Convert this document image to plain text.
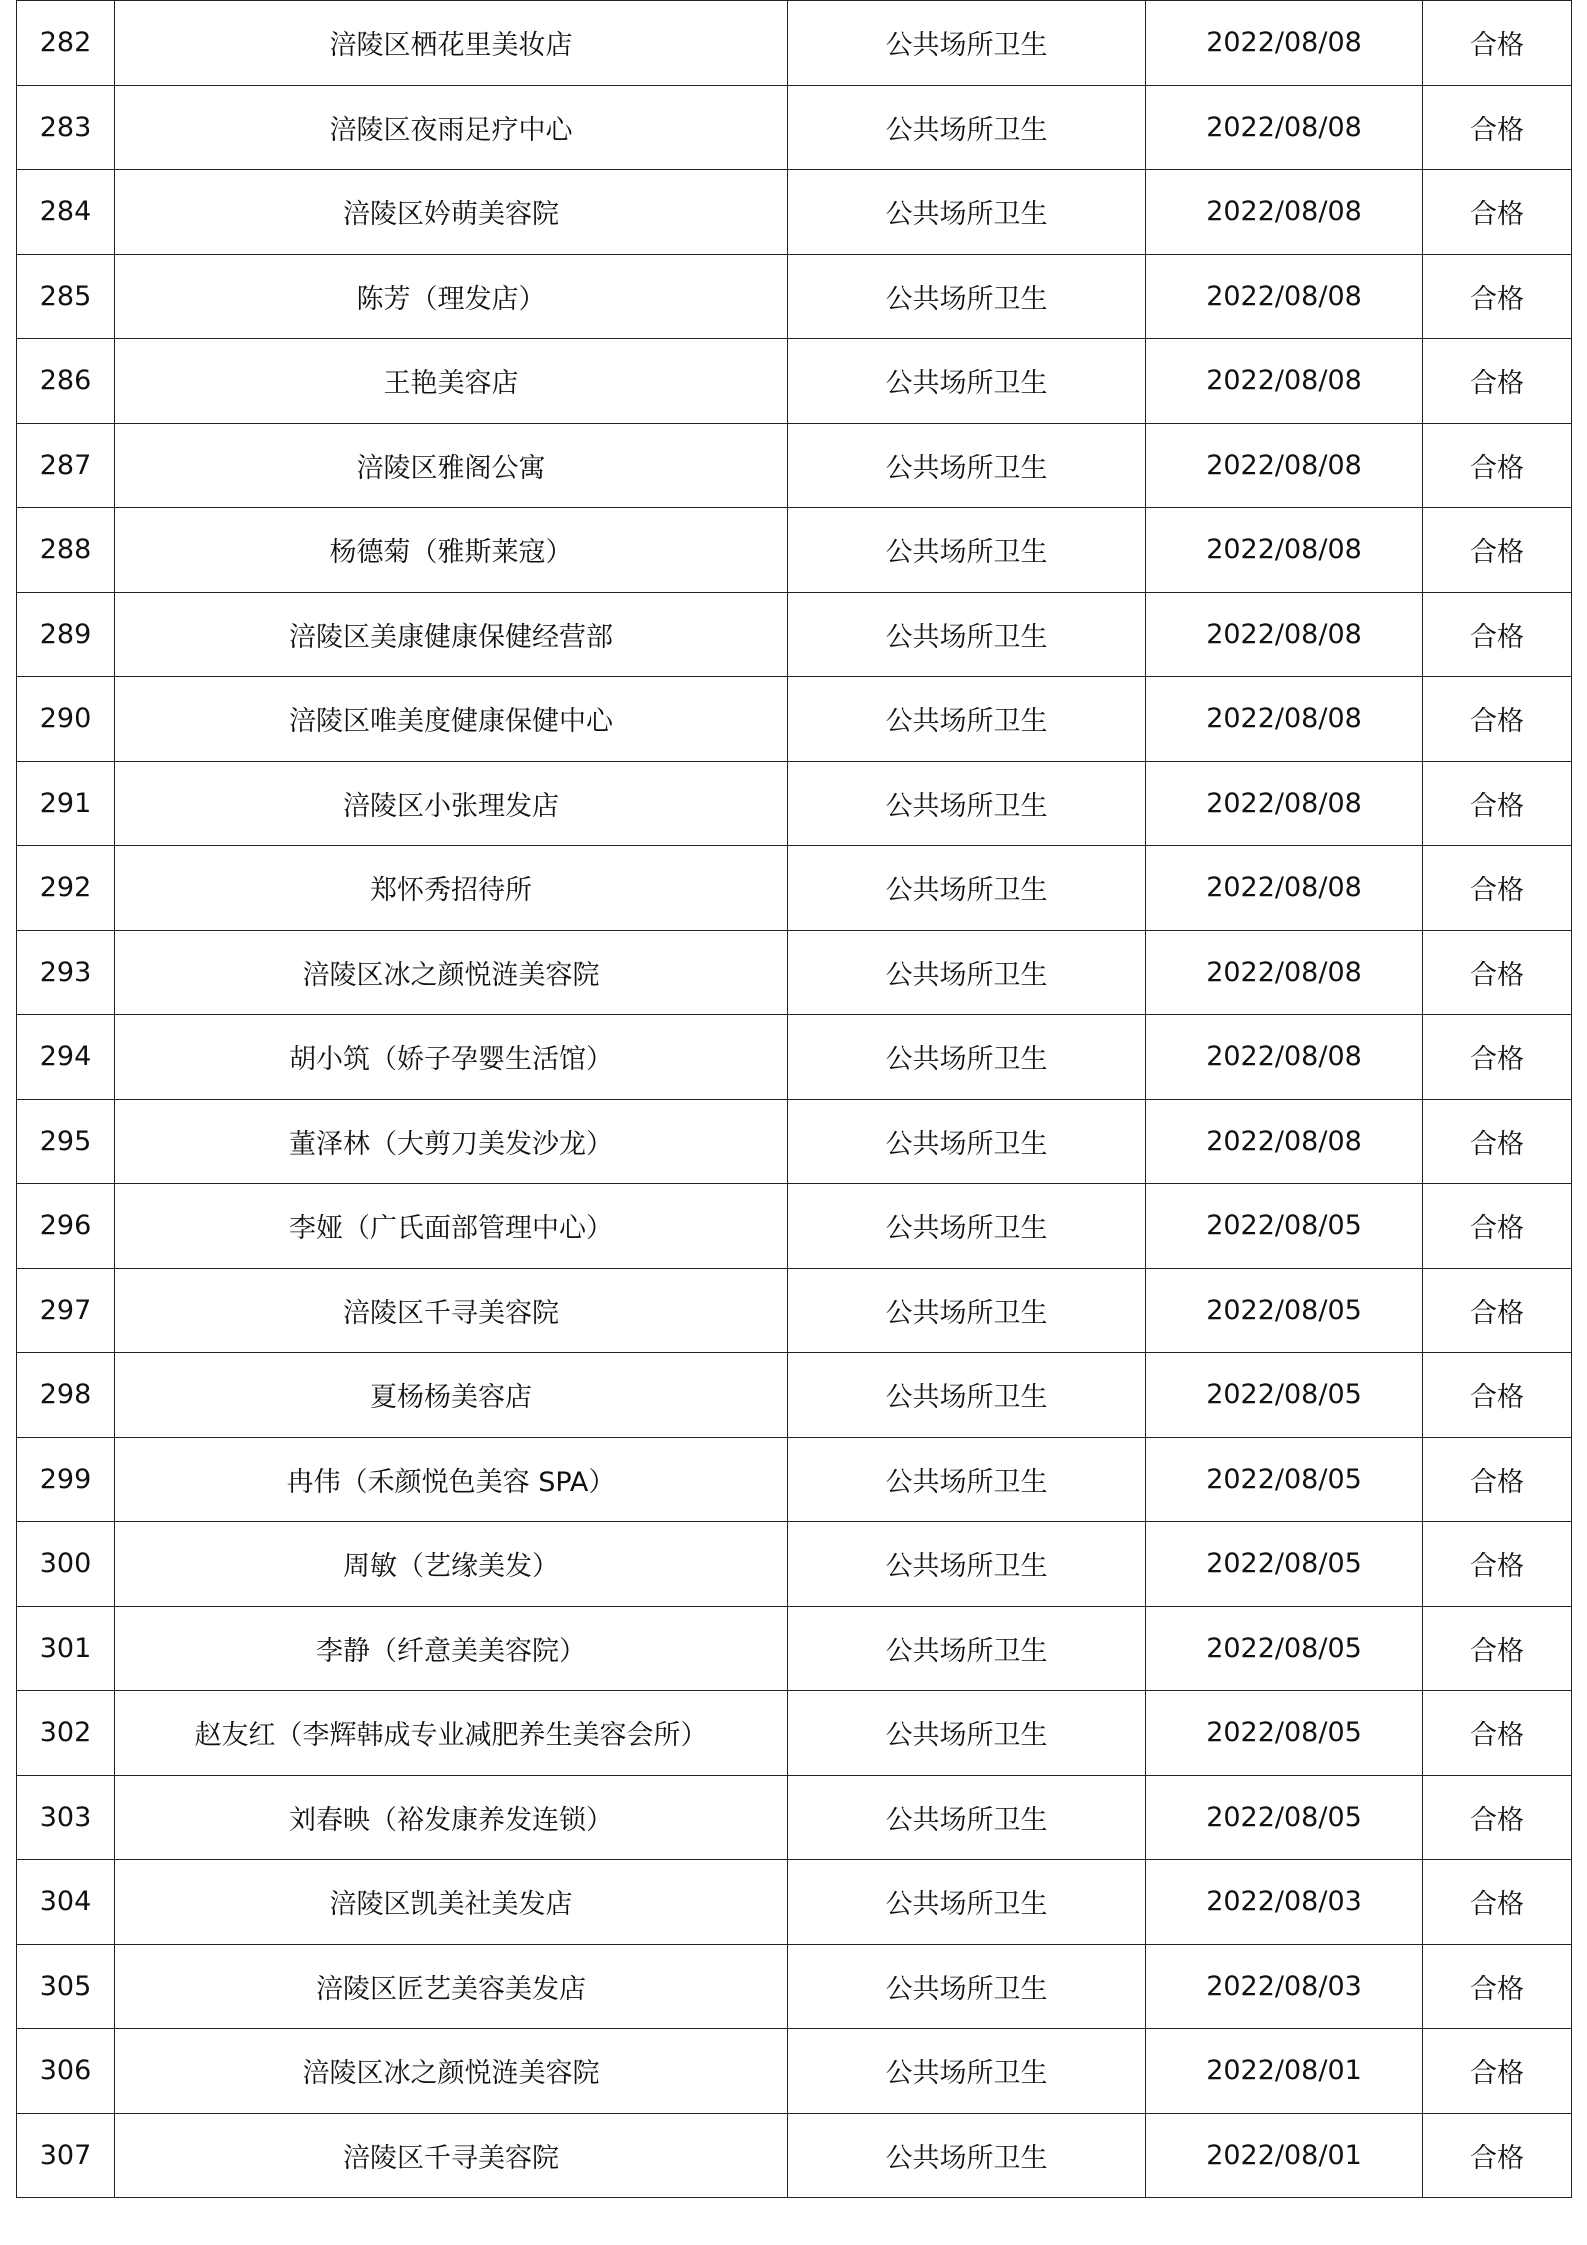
282	涪陵区栖花里美妆店	公共场所卫生	2022/08/08	合格
283	涪陵区夜雨足疗中心	公共场所卫生	2022/08/08	合格
284	涪陵区妗萌美容院	公共场所卫生	2022/08/08	合格
285	陈芳（理发店）	公共场所卫生	2022/08/08	合格
286	王艳美容店	公共场所卫生	2022/08/08	合格
287	涪陵区雅阁公寓	公共场所卫生	2022/08/08	合格
288	杨德菊（雅斯莱寇）	公共场所卫生	2022/08/08	合格
289	涪陵区美康健康保健经营部	公共场所卫生	2022/08/08	合格
290	涪陵区唯美度健康保健中心	公共场所卫生	2022/08/08	合格
291	涪陵区小张理发店	公共场所卫生	2022/08/08	合格
292	郑怀秀招待所	公共场所卫生	2022/08/08	合格
293	涪陵区冰之颜悦涟美容院	公共场所卫生	2022/08/08	合格
294	胡小筑（娇子孕婴生活馆）	公共场所卫生	2022/08/08	合格
295	董泽林（大剪刀美发沙龙）	公共场所卫生	2022/08/08	合格
296	李娅（广氏面部管理中心）	公共场所卫生	2022/08/05	合格
297	涪陵区千寻美容院	公共场所卫生	2022/08/05	合格
298	夏杨杨美容店	公共场所卫生	2022/08/05	合格
299	冉伟（禾颜悦色美容 SPA）	公共场所卫生	2022/08/05	合格
300	周敏（艺缘美发）	公共场所卫生	2022/08/05	合格
301	李静（纤意美美容院）	公共场所卫生	2022/08/05	合格
302	赵友红（李辉韩成专业减肥养生美容会所）	公共场所卫生	2022/08/05	合格
303	刘春映（裕发康养发连锁）	公共场所卫生	2022/08/05	合格
304	涪陵区凯美社美发店	公共场所卫生	2022/08/03	合格
305	涪陵区匠艺美容美发店	公共场所卫生	2022/08/03	合格
306	涪陵区冰之颜悦涟美容院	公共场所卫生	2022/08/01	合格
307	涪陵区千寻美容院	公共场所卫生	2022/08/01	合格
